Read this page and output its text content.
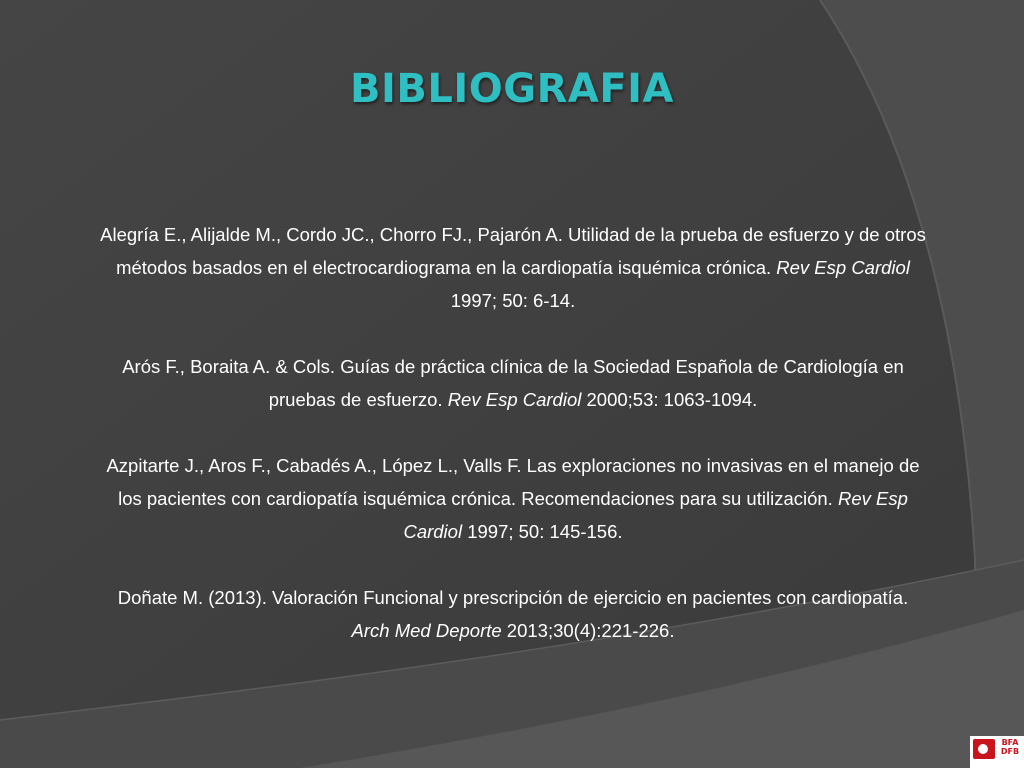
BIBLIOGRAFIA

Alegría E., Alijalde M., Cordo JC., Chorro FJ., Pajarón A. Utilidad de la prueba de esfuerzo y de otros métodos basados en el electrocardiograma en la cardiopatía isquémica crónica. Rev Esp Cardiol 1997; 50: 6-14.

Arós F., Boraita A. & Cols. Guías de práctica clínica de la Sociedad Española de Cardiología en pruebas de esfuerzo. Rev Esp Cardiol 2000;53: 1063-1094.

Azpitarte J., Aros F., Cabadés A., López L., Valls F. Las exploraciones no invasivas en el manejo de los pacientes con cardiopatía isquémica crónica. Recomendaciones para su utilización. Rev Esp Cardiol 1997; 50: 145-156.

Doñate M. (2013). Valoración Funcional y prescripción de ejercicio en pacientes con cardiopatía. Arch Med Deporte 2013;30(4):221-226.

BFA
DFB
